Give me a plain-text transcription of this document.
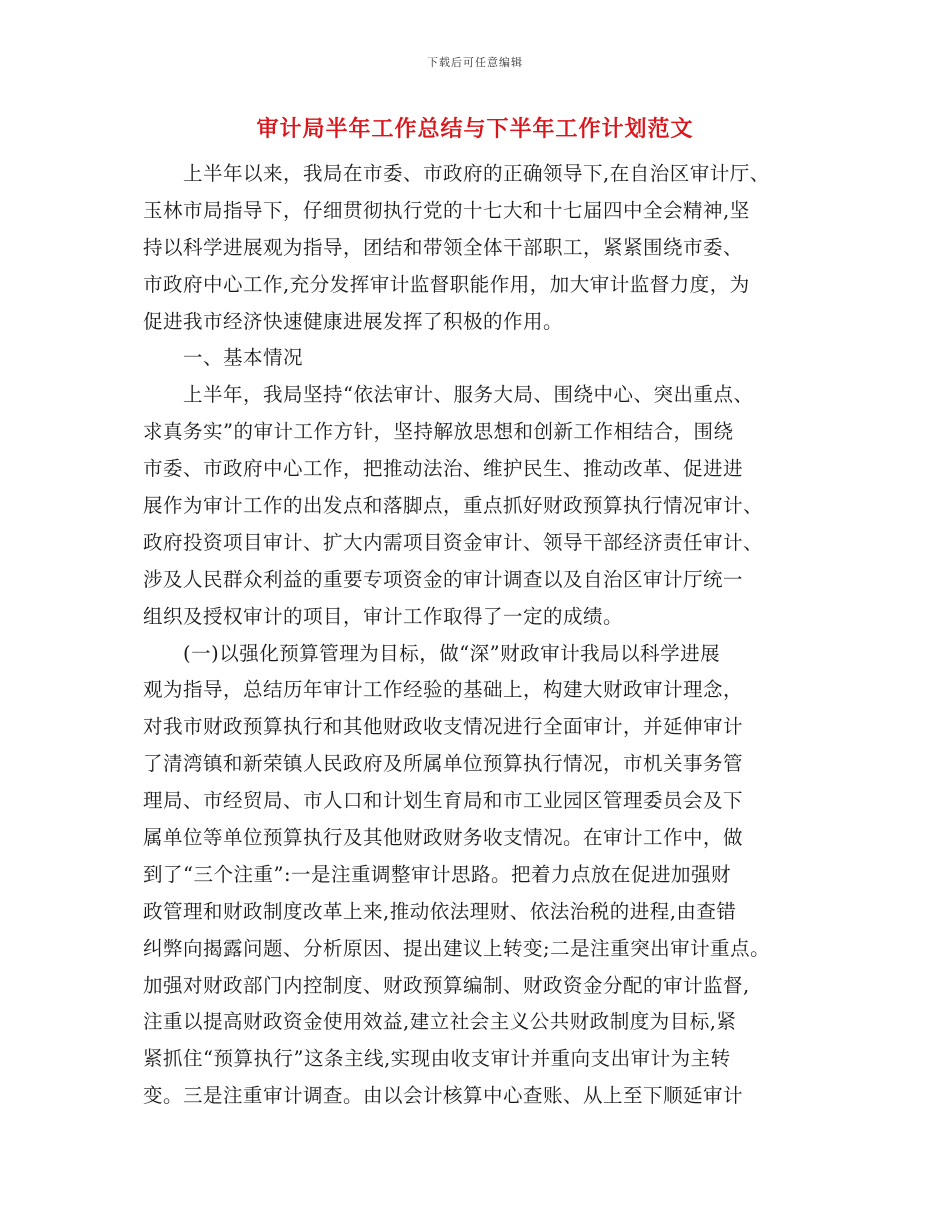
下载后可任意编辑
审计局半年工作总结与下半年工作计划范文
上半年以来，我局在市委、市政府的正确领导下,在自治区审计厅、
玉林市局指导下，仔细贯彻执行党的十七大和十七届四中全会精神,坚
持以科学进展观为指导，团结和带领全体干部职工，紧紧围绕市委、
市政府中心工作,充分发挥审计监督职能作用，加大审计监督力度，为
促进我市经济快速健康进展发挥了积极的作用。
一、基本情况
上半年，我局坚持“依法审计、服务大局、围绕中心、突出重点、
求真务实”的审计工作方针，坚持解放思想和创新工作相结合，围绕
市委、市政府中心工作，把推动法治、维护民生、推动改革、促进进
展作为审计工作的出发点和落脚点，重点抓好财政预算执行情况审计、
政府投资项目审计、扩大内需项目资金审计、领导干部经济责任审计、
涉及人民群众利益的重要专项资金的审计调查以及自治区审计厅统一
组织及授权审计的项目，审计工作取得了一定的成绩。
(一)以强化预算管理为目标，做“深”财政审计我局以科学进展
观为指导，总结历年审计工作经验的基础上，构建大财政审计理念，
对我市财政预算执行和其他财政收支情况进行全面审计，并延伸审计
了清湾镇和新荣镇人民政府及所属单位预算执行情况，市机关事务管
理局、市经贸局、市人口和计划生育局和市工业园区管理委员会及下
属单位等单位预算执行及其他财政财务收支情况。在审计工作中，做
到了“三个注重”:一是注重调整审计思路。把着力点放在促进加强财
政管理和财政制度改革上来,推动依法理财、依法治税的进程,由查错
纠弊向揭露问题、分析原因、提出建议上转变;二是注重突出审计重点。
加强对财政部门内控制度、财政预算编制、财政资金分配的审计监督,
注重以提高财政资金使用效益,建立社会主义公共财政制度为目标,紧
紧抓住“预算执行”这条主线,实现由收支审计并重向支出审计为主转
变。三是注重审计调查。由以会计核算中心查账、从上至下顺延审计
